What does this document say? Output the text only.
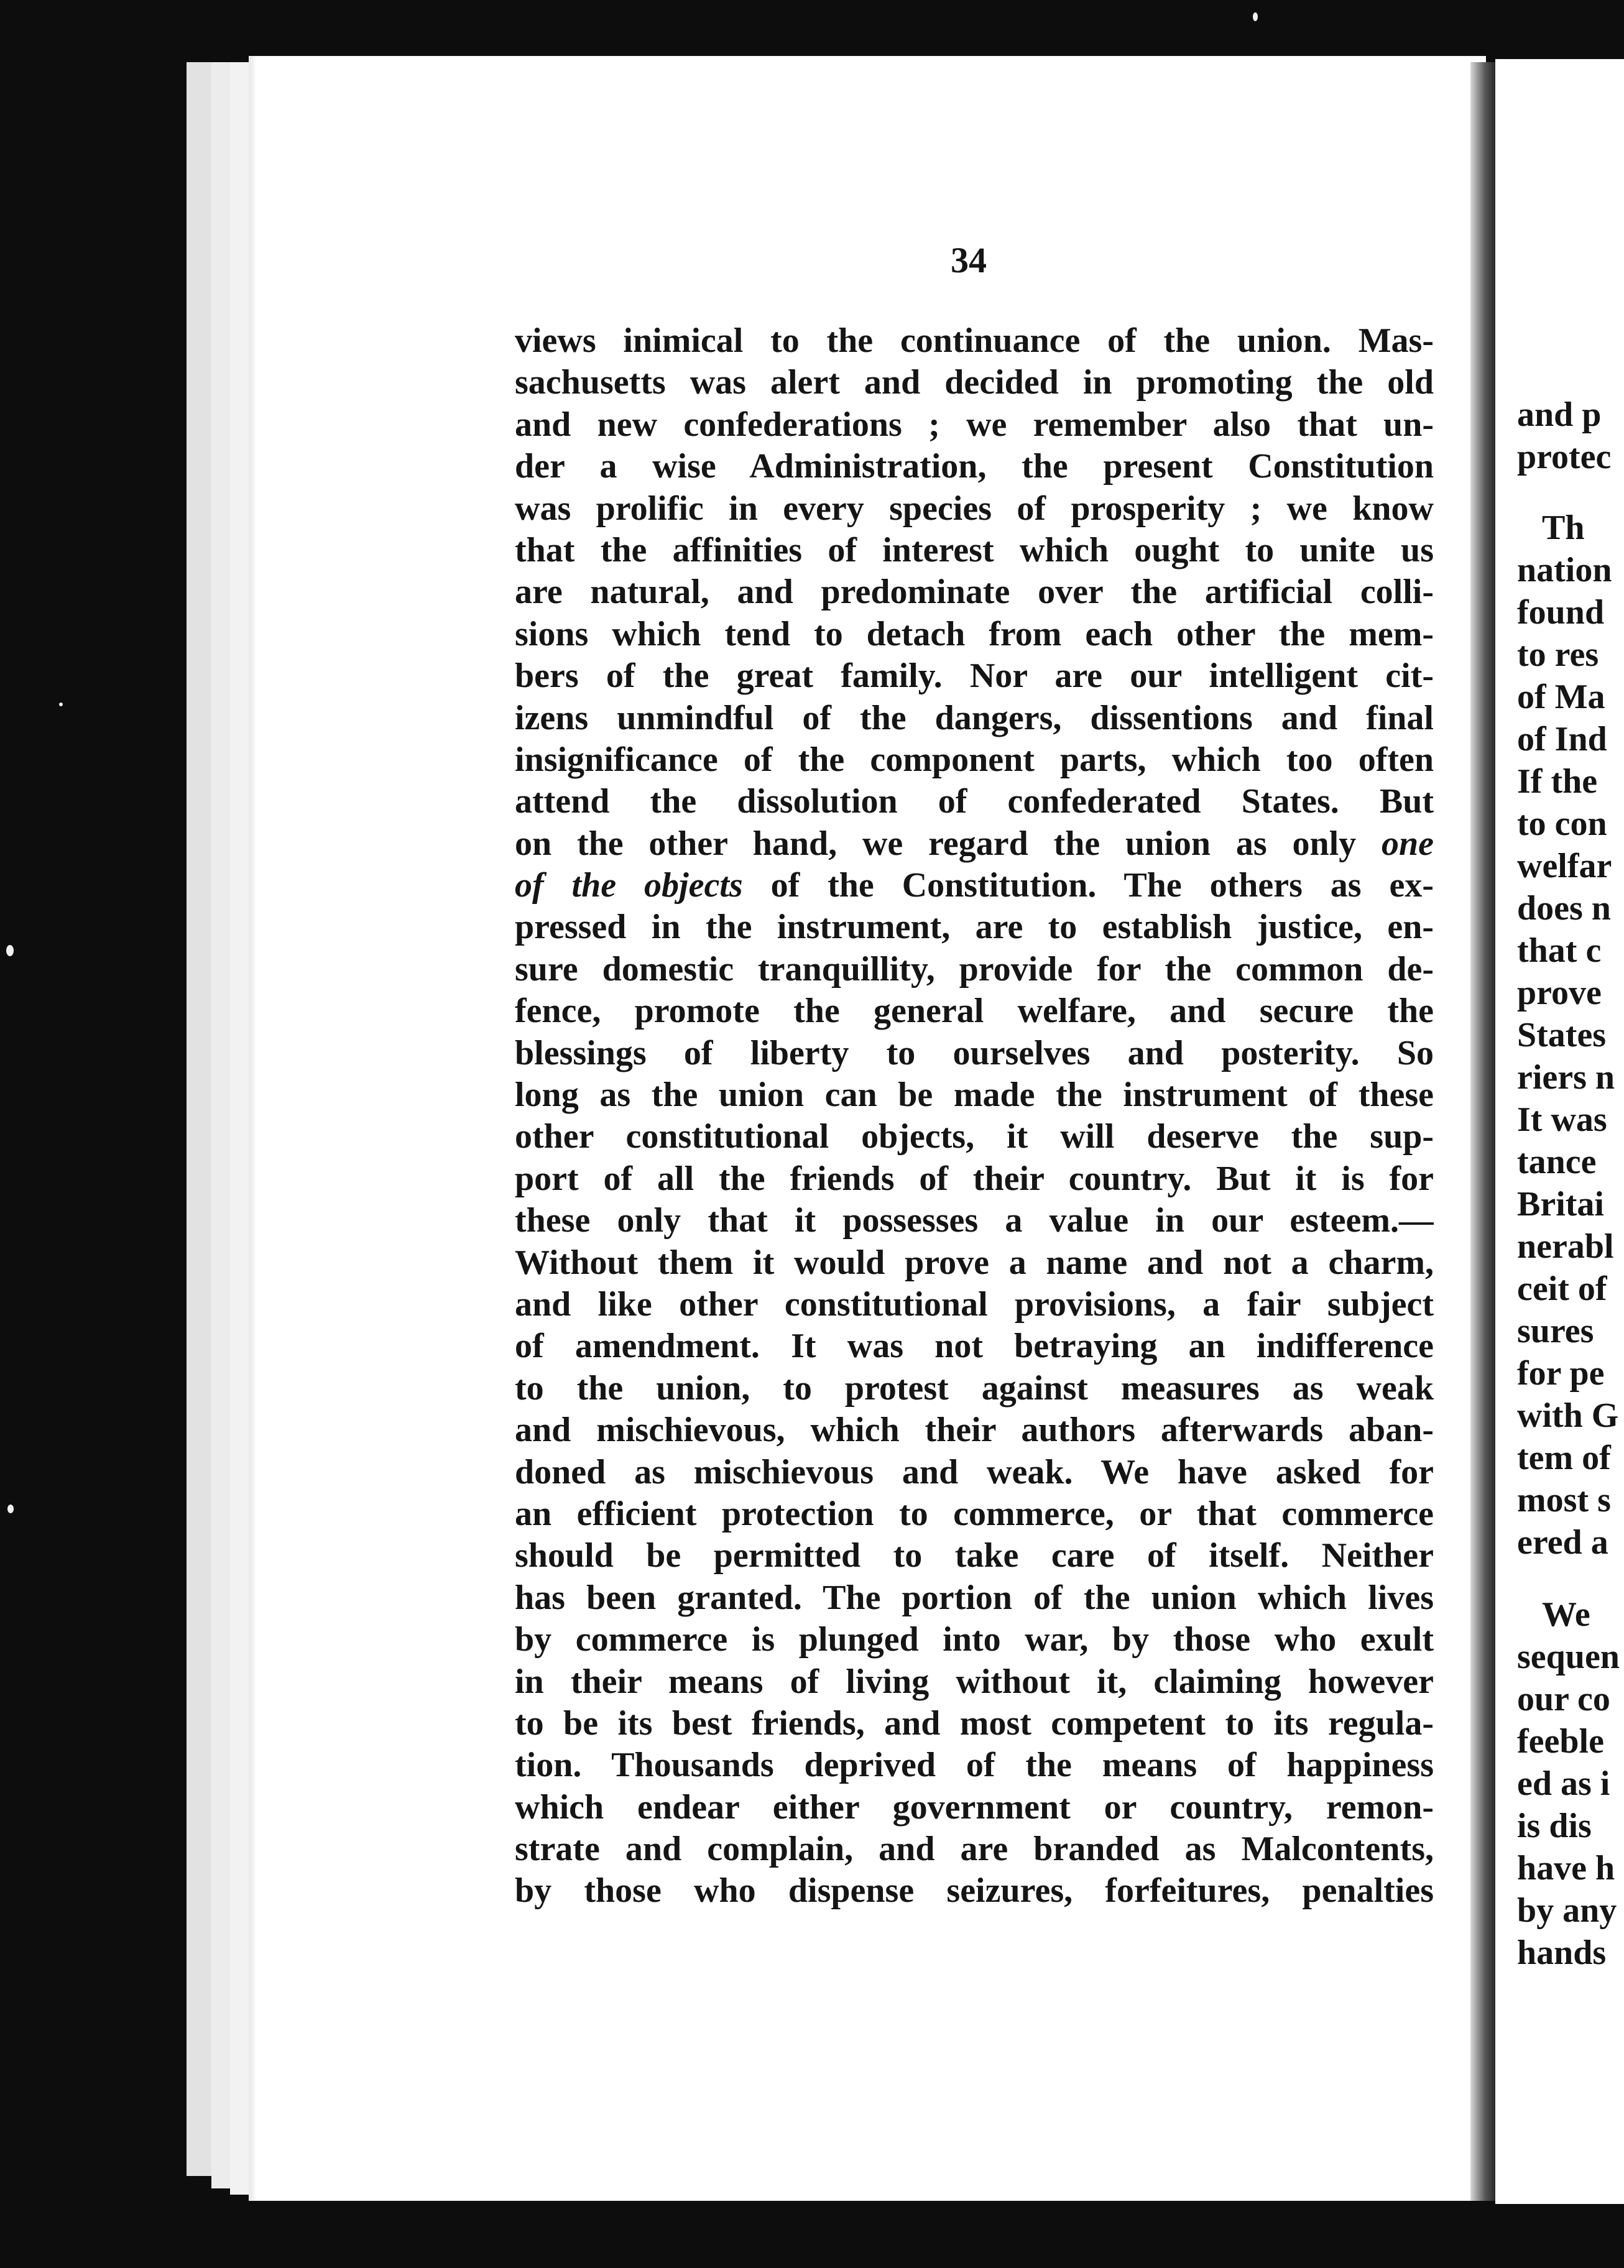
34
views inimical to the continuance of the union. Mas-
sachusetts was alert and decided in promoting the old
and new confederations ; we remember also that un-
der a wise Administration, the present Constitution
was prolific in every species of prosperity ; we know
that the affinities of interest which ought to unite us
are natural, and predominate over the artificial colli-
sions which tend to detach from each other the mem-
bers of the great family. Nor are our intelligent cit-
izens unmindful of the dangers, dissentions and final
insignificance of the component parts, which too often
attend the dissolution of confederated States. But
on the other hand, we regard the union as only one
of the objects of the Constitution. The others as ex-
pressed in the instrument, are to establish justice, en-
sure domestic tranquillity, provide for the common de-
fence, promote the general welfare, and secure the
blessings of liberty to ourselves and posterity. So
long as the union can be made the instrument of these
other constitutional objects, it will deserve the sup-
port of all the friends of their country. But it is for
these only that it possesses a value in our esteem.—
Without them it would prove a name and not a charm,
and like other constitutional provisions, a fair subject
of amendment. It was not betraying an indifference
to the union, to protest against measures as weak
and mischievous, which their authors afterwards aban-
doned as mischievous and weak. We have asked for
an efficient protection to commerce, or that commerce
should be permitted to take care of itself. Neither
has been granted. The portion of the union which lives
by commerce is plunged into war, by those who exult
in their means of living without it, claiming however
to be its best friends, and most competent to its regula-
tion. Thousands deprived of the means of happiness
which endear either government or country, remon-
strate and complain, and are branded as Malcontents,
by those who dispense seizures, forfeitures, penalties
and p
protec
Th
nation
found
to res
of Ma
of Ind
If the
to con
welfar
does n
that c
prove
States
riers n
It was
tance
Britai
nerabl
ceit of
sures
for pe
with G
tem of
most s
ered a
We
sequen
our co
feeble
ed as i
is dis
have h
by any
hands
